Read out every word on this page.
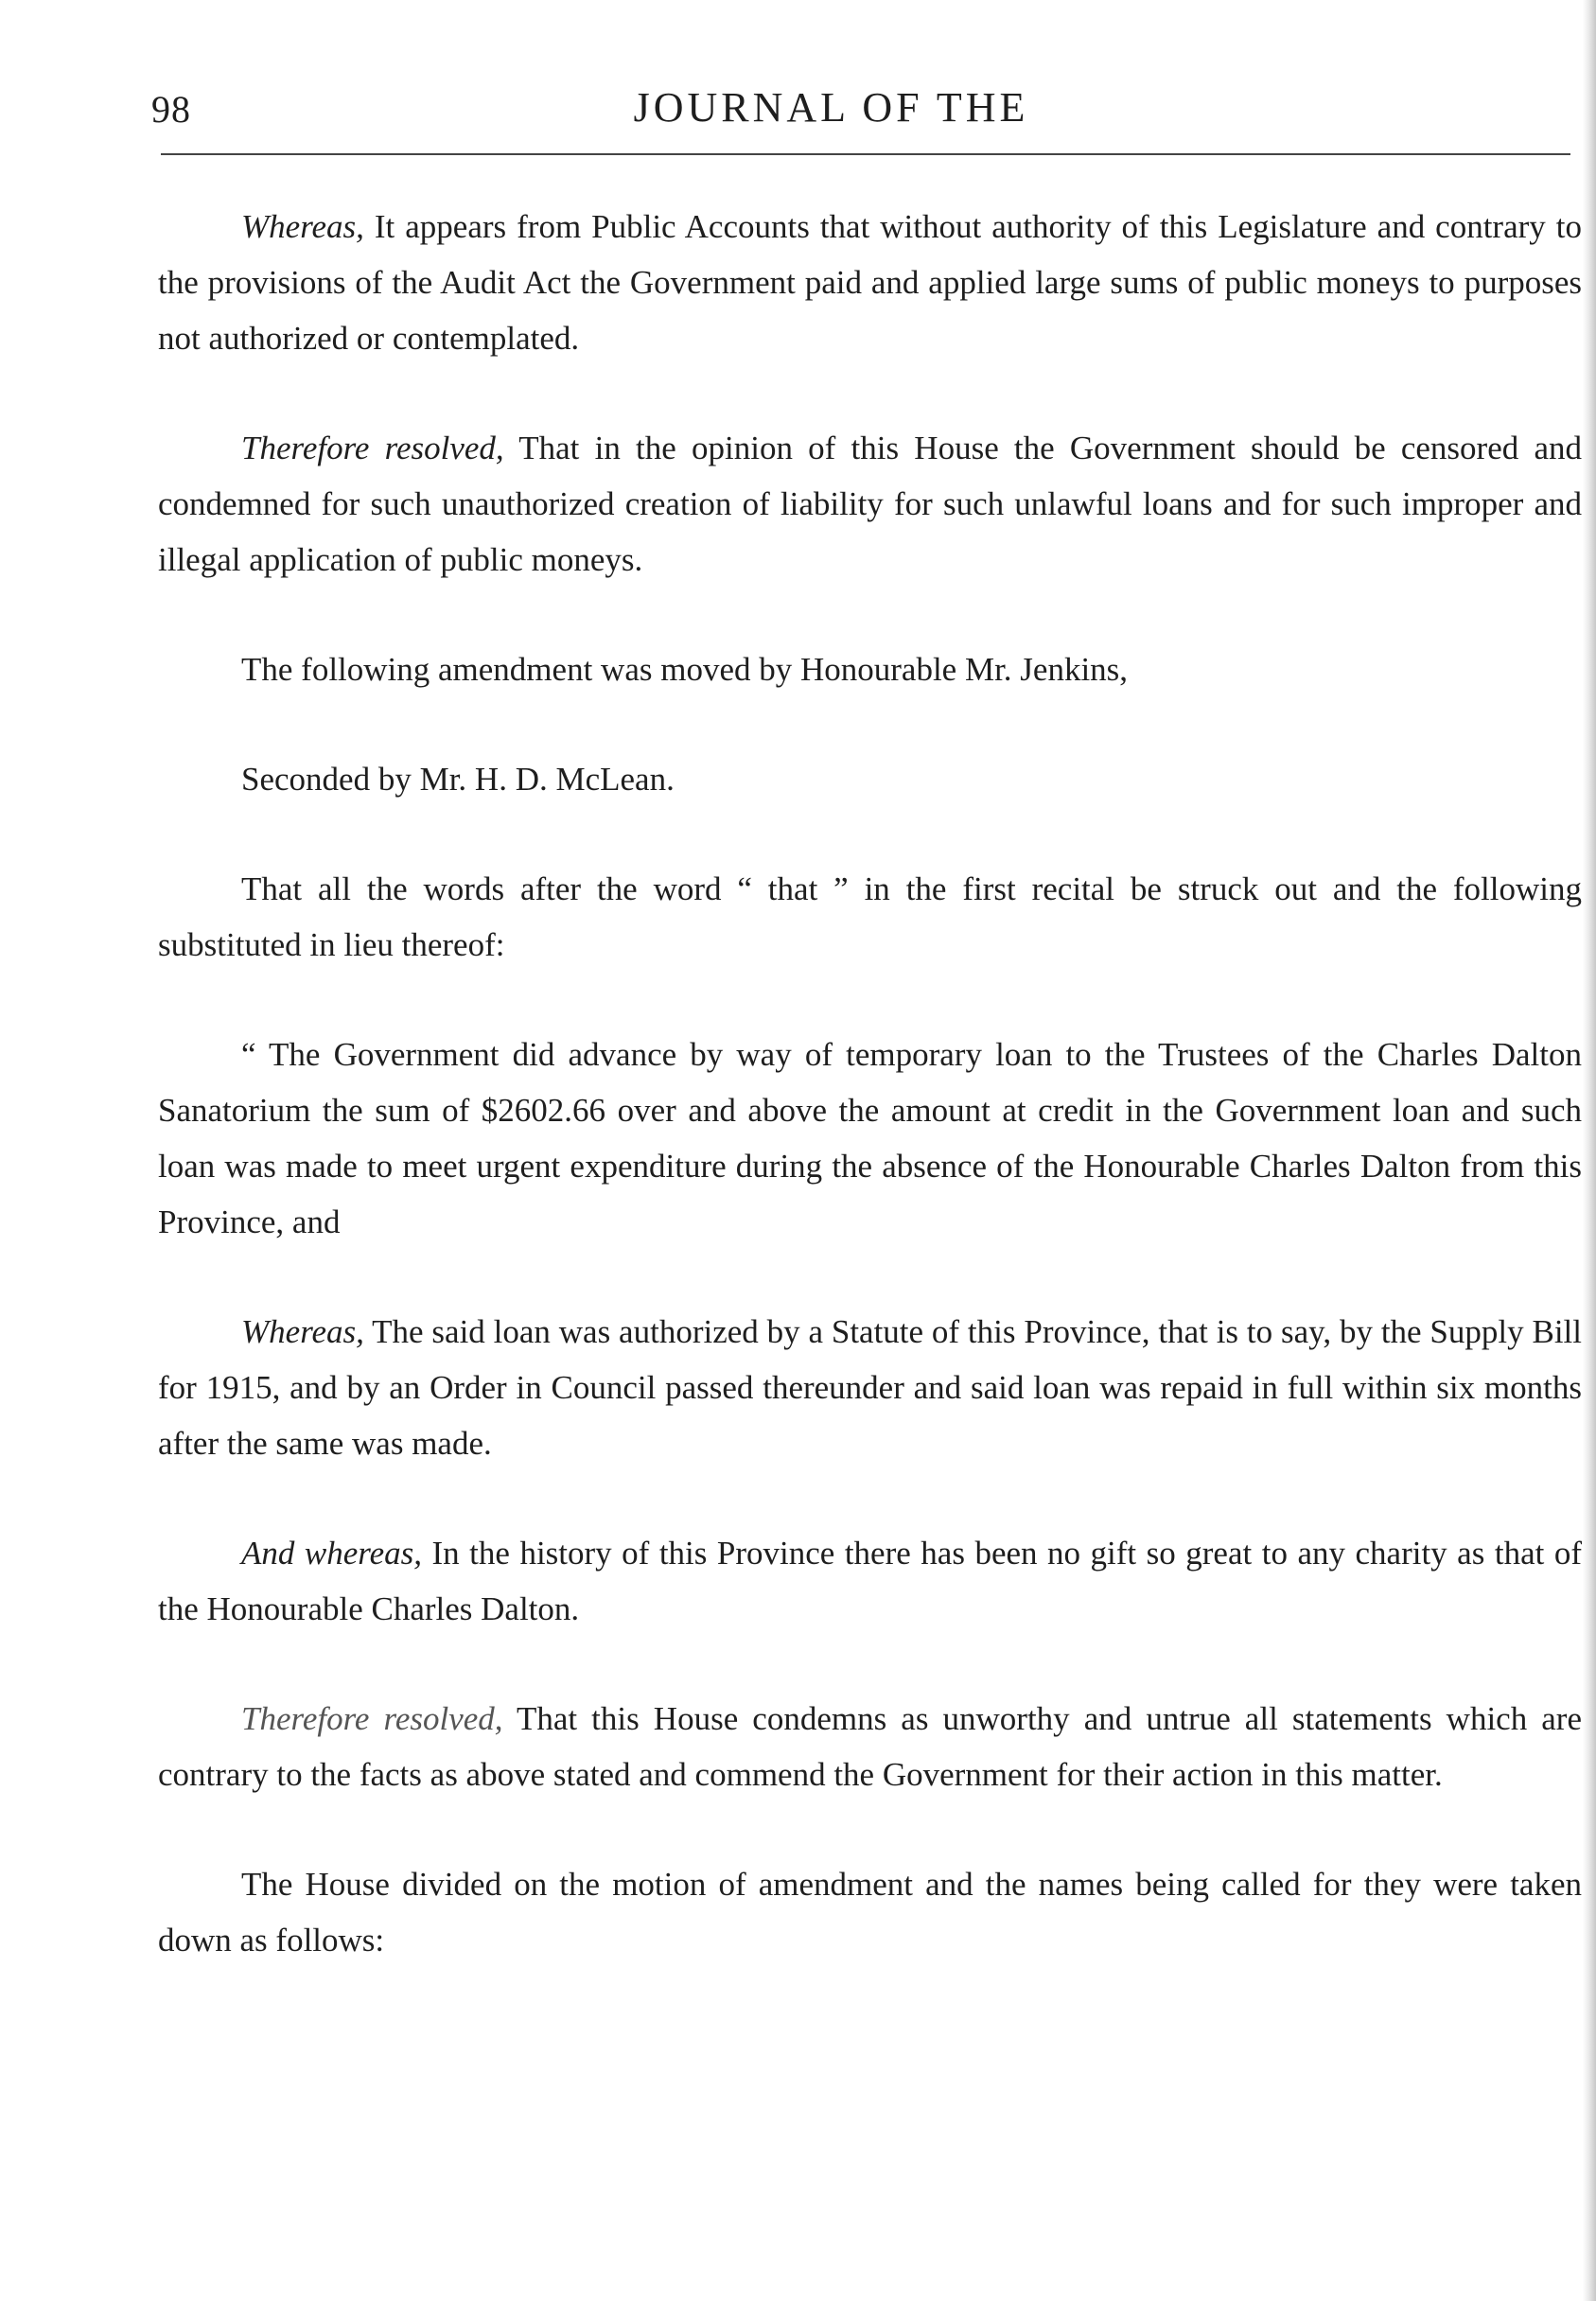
98	JOURNAL OF THE

Whereas, It appears from Public Accounts that without authority of this Legislature and contrary to the provisions of the Audit Act the Government paid and applied large sums of public moneys to purposes not authorized or contemplated.

Therefore resolved, That in the opinion of this House the Government should be censored and condemned for such unauthorized creation of liability for such unlawful loans and for such improper and illegal application of public moneys.

The following amendment was moved by Honourable Mr. Jenkins,

Seconded by Mr. H. D. McLean.

That all the words after the word “ that ” in the first recital be struck out and the following substituted in lieu thereof:

“ The Government did advance by way of temporary loan to the Trustees of the Charles Dalton Sanatorium the sum of $2602.66 over and above the amount at credit in the Government loan and such loan was made to meet urgent expenditure during the absence of the Honourable Charles Dalton from this Province, and

Whereas, The said loan was authorized by a Statute of this Province, that is to say, by the Supply Bill for 1915, and by an Order in Council passed thereunder and said loan was repaid in full within six months after the same was made.

And whereas, In the history of this Province there has been no gift so great to any charity as that of the Honourable Charles Dalton.

Therefore resolved, That this House condemns as unworthy and untrue all statements which are contrary to the facts as above stated and commend the Government for their action in this matter.

The House divided on the motion of amendment and the names being called for they were taken down as follows:
